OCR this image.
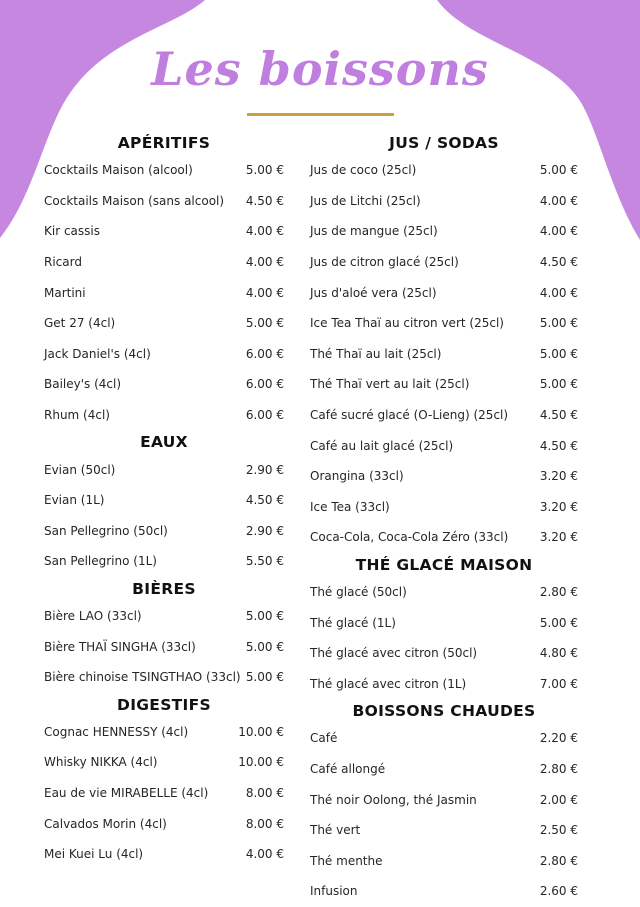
Les boissons
APÉRITIFS
Cocktails Maison (alcool)	5.00 €
Cocktails Maison (sans alcool) 4.50 €
Kir cassis	4.00 €
Ricard	4.00 €
Martini	4.00 €
Get 27 (4cl)	5.00 €
Jack Daniel's (4cl)	6.00 €
Bailey's (4cl)	6.00 €
Rhum (4cl)	6.00 €
EAUX
Evian (50cl)	2.90 €
Evian (1L)	4.50 €
San Pellegrino (50cl)	2.90 €
San Pellegrino (1L)	5.50 €
BIÈRES
Bière LAO (33cl)	5.00 €
Bière THAÏ SINGHA (33cl)	5.00 €
Bière chinoise TSINGTHAO (33cl) 5.00 €
DIGESTIFS
Cognac HENNESSY (4cl)	10.00 €
Whisky NIKKA (4cl)	10.00 €
Eau de vie MIRABELLE (4cl)	8.00 €
Calvados Morin (4cl)	8.00 €
Mei Kuei Lu (4cl)	4.00 €
JUS / SODAS
Jus de coco (25cl)	5.00 €
Jus de Litchi (25cl)	4.00 €
Jus de mangue (25cl)	4.00 €
Jus de citron glacé (25cl)	4.50 €
Jus d'aloé vera (25cl)	4.00 €
Ice Tea Thaï au citron vert (25cl)	5.00 €
Thé Thaï au lait (25cl)	5.00 €
Thé Thaï vert au lait (25cl)	5.00 €
Café sucré glacé (O-Lieng) (25cl)	4.50 €
Café au lait glacé (25cl)	4.50 €
Orangina (33cl)	3.20 €
Ice Tea (33cl)	3.20 €
Coca-Cola, Coca-Cola Zéro (33cl)	3.20 €
THÉ GLACÉ MAISON
Thé glacé (50cl)	2.80 €
Thé glacé (1L)	5.00 €
Thé glacé avec citron (50cl)	4.80 €
Thé glacé avec citron (1L)	7.00 €
BOISSONS CHAUDES
Café	2.20 €
Café allongé	2.80 €
Thé noir Oolong, thé Jasmin	2.00 €
Thé vert	2.50 €
Thé menthe	2.80 €
Infusion	2.60 €
